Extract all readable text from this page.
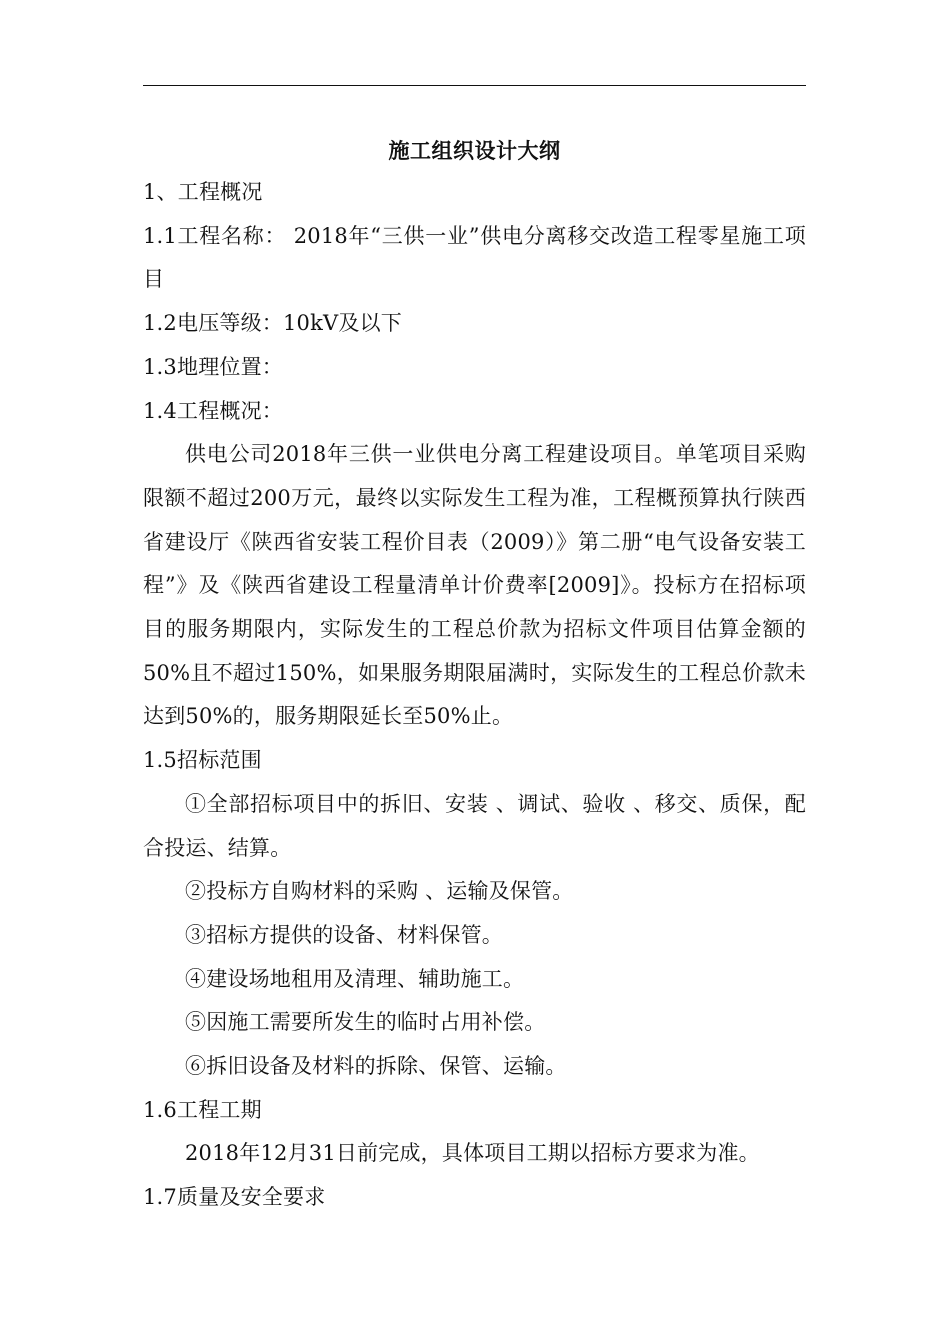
施工组织设计大纲

1、工程概况

1.1工程名称： 2018年“三供一业”供电分离移交改造工程零星施工项目

1.2电压等级：10kV及以下

1.3地理位置：

1.4工程概况：

供电公司2018年三供一业供电分离工程建设项目。单笔项目采购限额不超过200万元，最终以实际发生工程为准，工程概预算执行陕西省建设厅《陕西省安装工程价目表（2009）》第二册“电气设备安装工程”》及《陕西省建设工程量清单计价费率[2009]》。投标方在招标项目的服务期限内，实际发生的工程总价款为招标文件项目估算金额的50%且不超过150%，如果服务期限届满时，实际发生的工程总价款未达到50%的，服务期限延长至50%止。

1.5招标范围

①全部招标项目中的拆旧、安装 、调试、验收 、移交、质保，配合投运、结算。

②投标方自购材料的采购 、运输及保管。

③招标方提供的设备、材料保管。

④建设场地租用及清理、辅助施工。

⑤因施工需要所发生的临时占用补偿。

⑥拆旧设备及材料的拆除、保管、运输。

1.6工程工期

2018年12月31日前完成，具体项目工期以招标方要求为准。

1.7质量及安全要求
